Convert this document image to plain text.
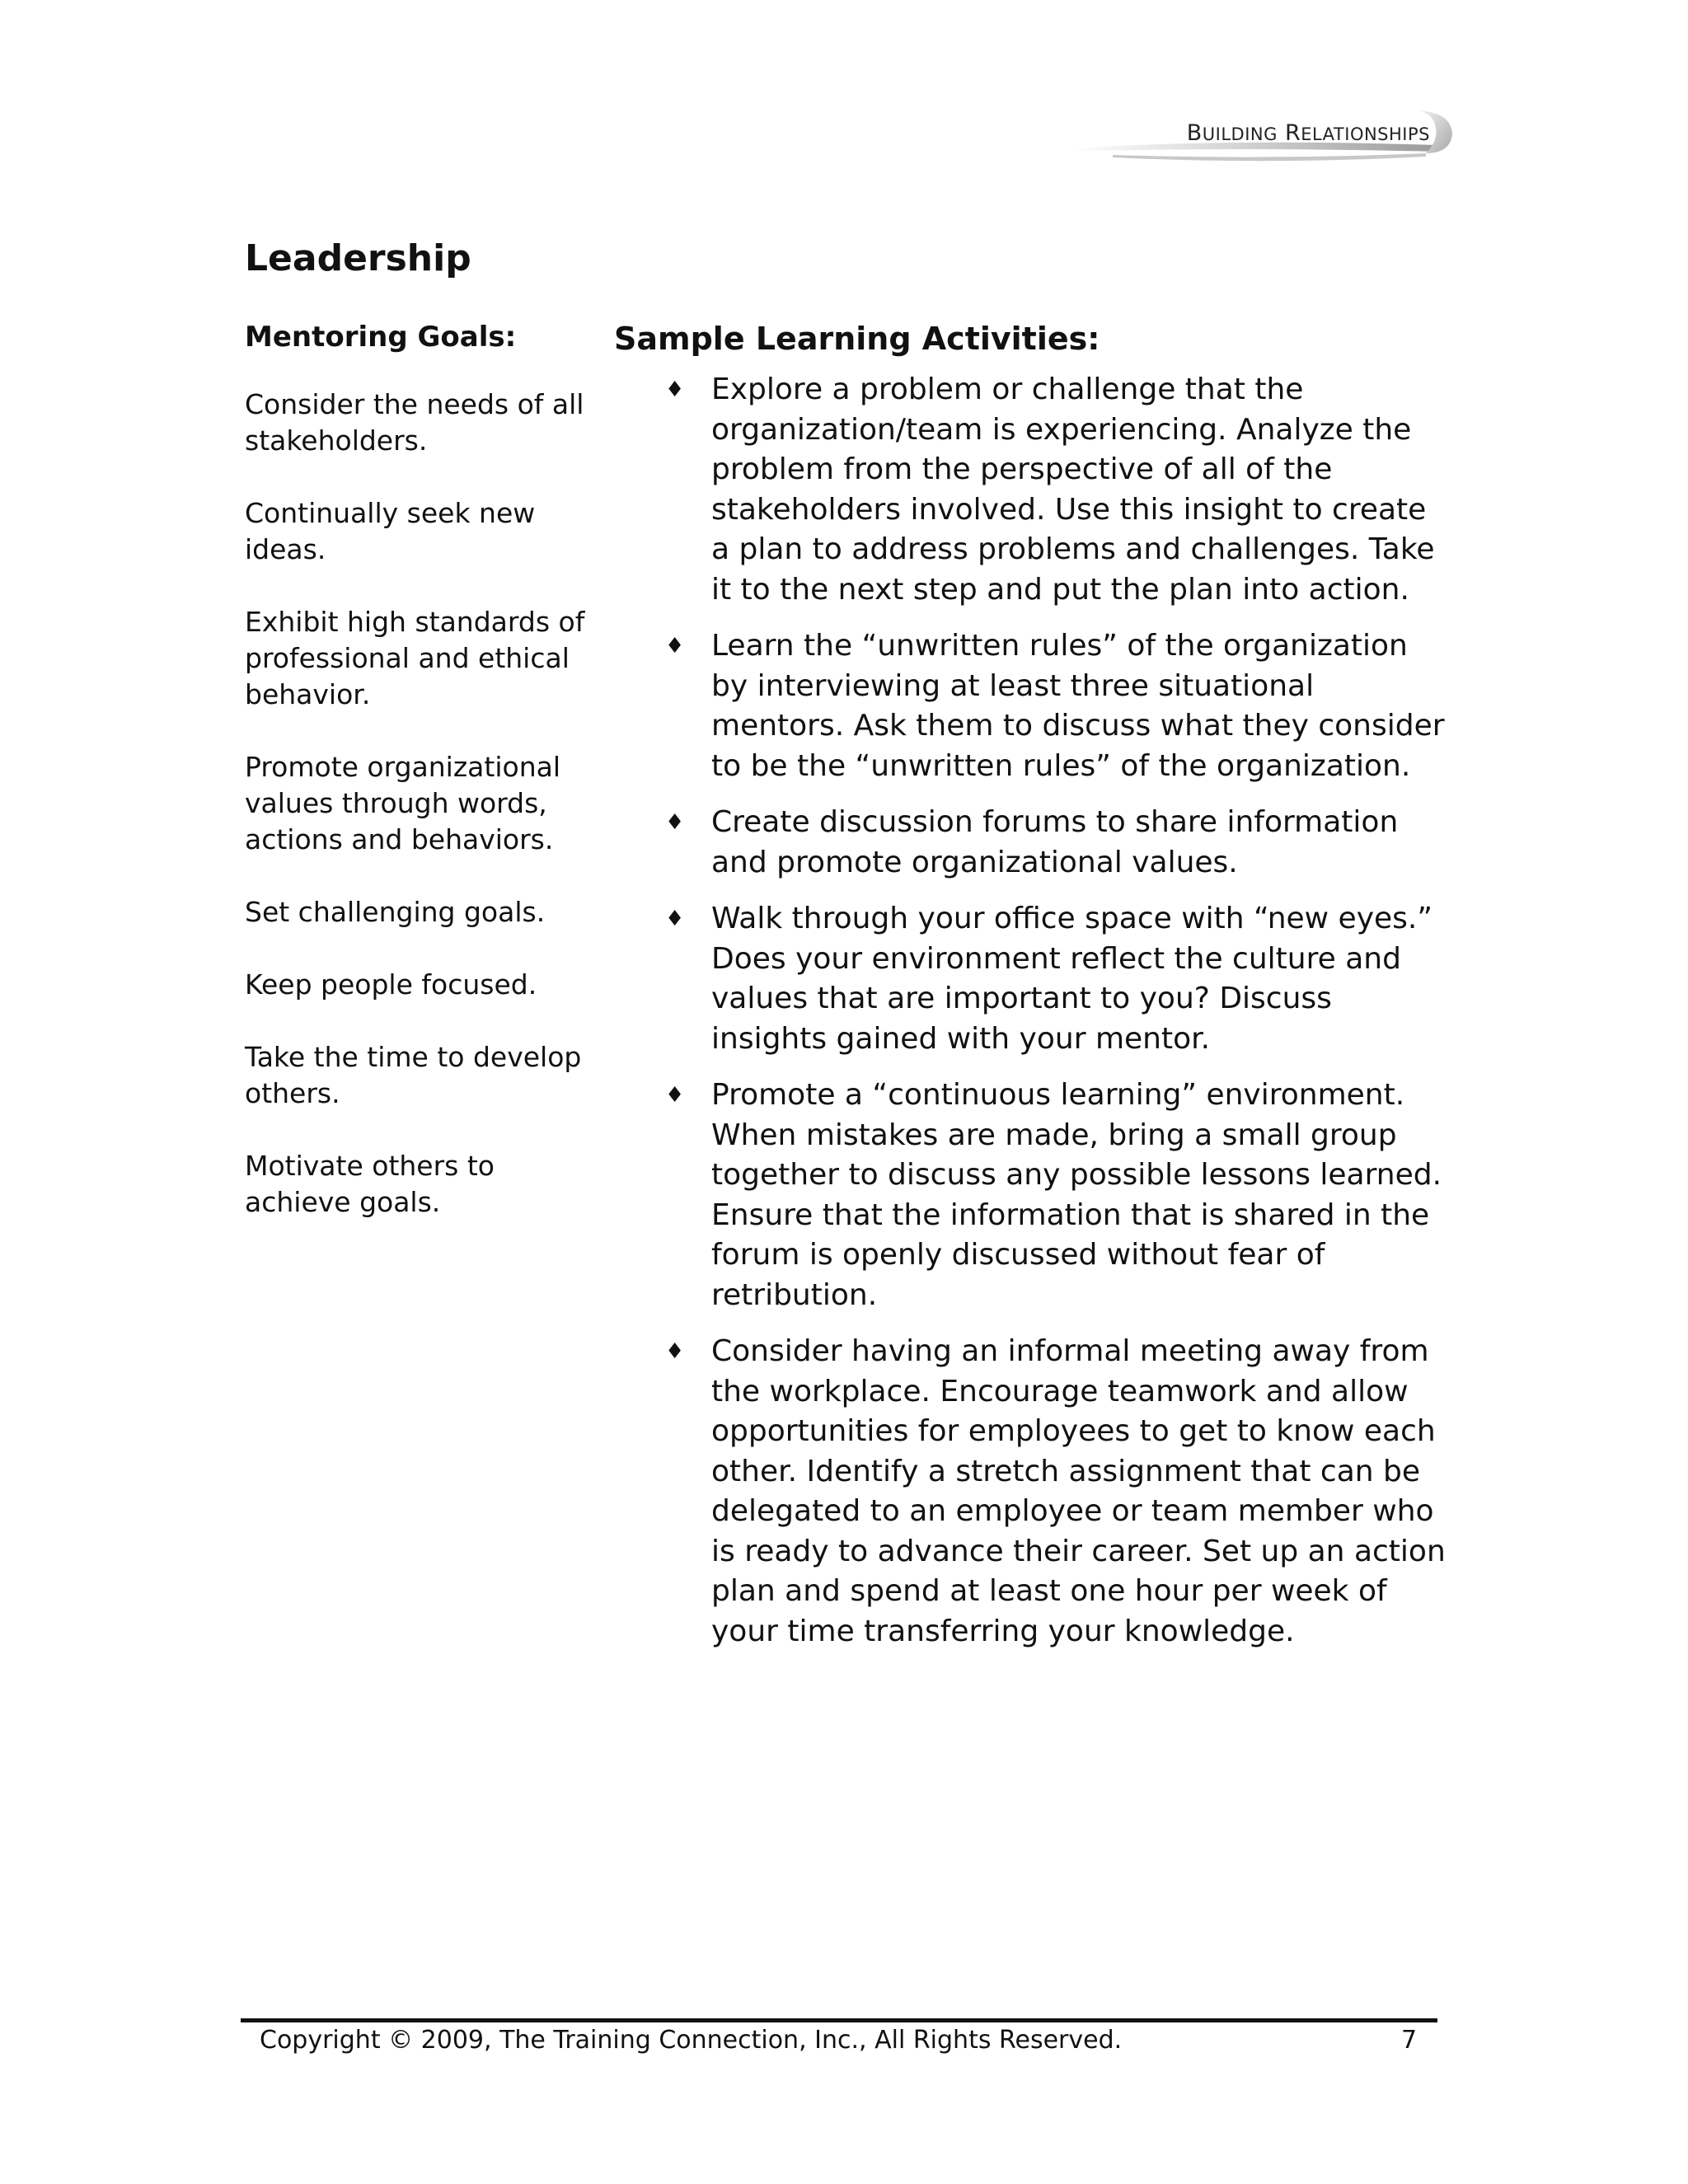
BUILDING RELATIONSHIPS
Leadership
Mentoring Goals:
Consider the needs of all stakeholders.
Continually seek new ideas.
Exhibit high standards of professional and ethical behavior.
Promote organizational values through words, actions and behaviors.
Set challenging goals.
Keep people focused.
Take the time to develop others.
Motivate others to achieve goals.
Sample Learning Activities:
♦ Explore a problem or challenge that the organization/team is experiencing. Analyze the problem from the perspective of all of the stakeholders involved. Use this insight to create a plan to address problems and challenges. Take it to the next step and put the plan into action.
♦ Learn the “unwritten rules” of the organization by interviewing at least three situational mentors. Ask them to discuss what they consider to be the “unwritten rules” of the organization.
♦ Create discussion forums to share information and promote organizational values.
♦ Walk through your office space with “new eyes.” Does your environment reflect the culture and values that are important to you? Discuss insights gained with your mentor.
♦ Promote a “continuous learning” environment. When mistakes are made, bring a small group together to discuss any possible lessons learned. Ensure that the information that is shared in the forum is openly discussed without fear of retribution.
♦ Consider having an informal meeting away from the workplace. Encourage teamwork and allow opportunities for employees to get to know each other. Identify a stretch assignment that can be delegated to an employee or team member who is ready to advance their career. Set up an action plan and spend at least one hour per week of your time transferring your knowledge.
Copyright © 2009, The Training Connection, Inc., All Rights Reserved.	7
